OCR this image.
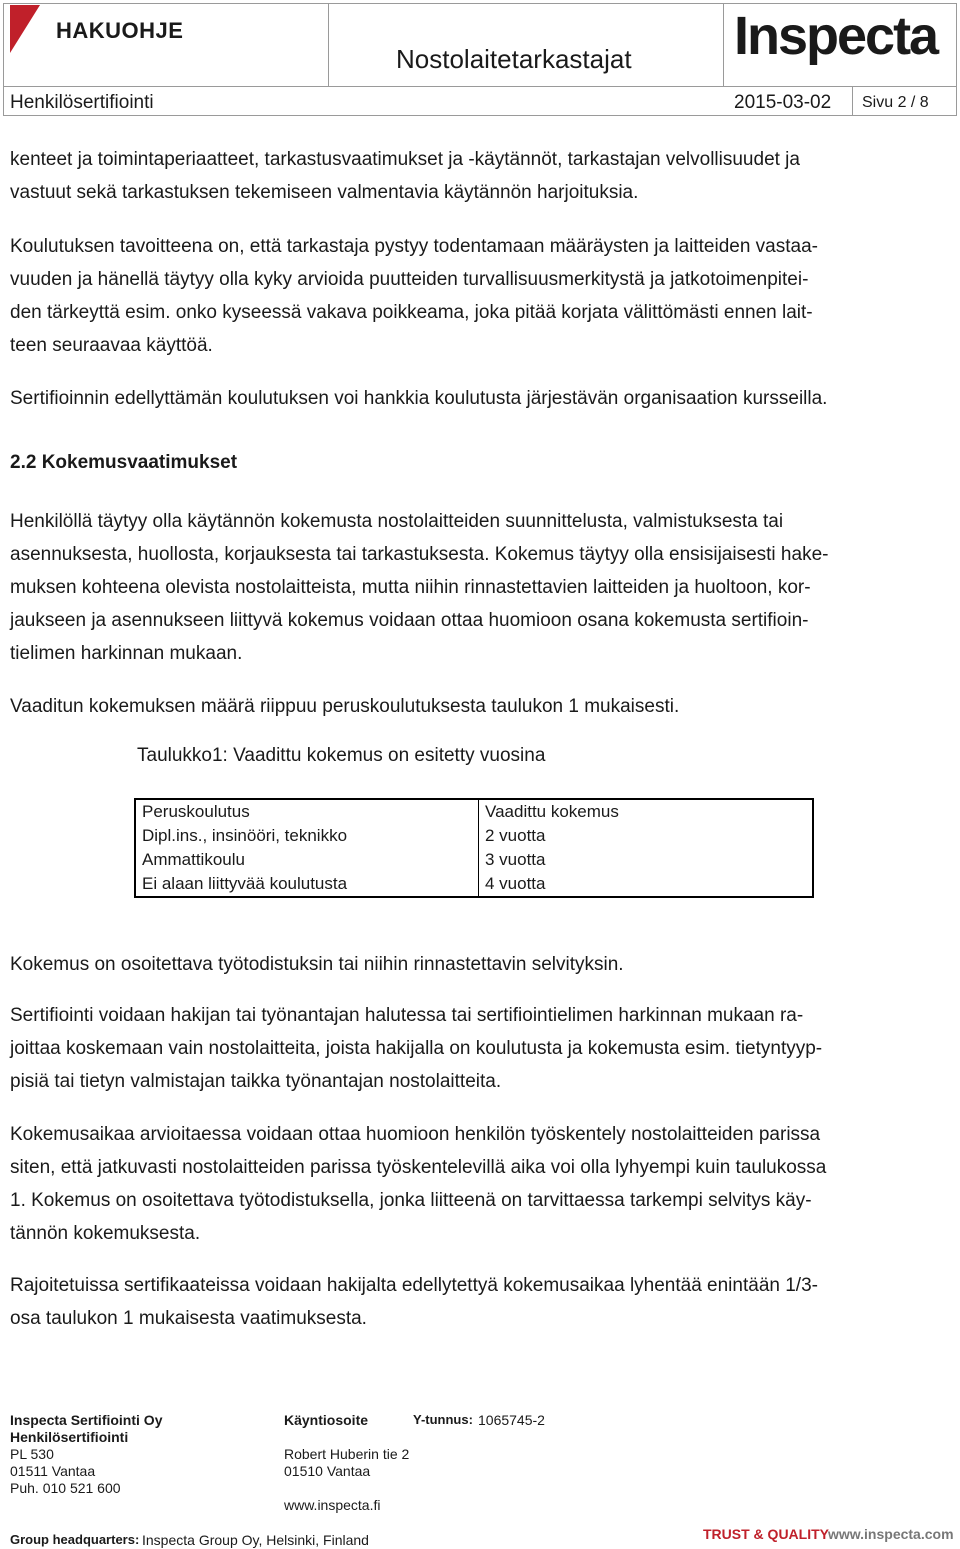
HAKUOHJE
Nostolaitetarkastajat Inspecta
Henkilösertifiointi	2015-03-02 Sivu 2 / 8
kenteet ja toimintaperiaatteet, tarkastusvaatimukset ja -käytännöt, tarkastajan velvollisuudet ja
vastuut sekä tarkastuksen tekemiseen valmentavia käytännön harjoituksia.
Koulutuksen tavoitteena on, että tarkastaja pystyy todentamaan määräysten ja laitteiden vastaa-
vuuden ja hänellä täytyy olla kyky arvioida puutteiden turvallisuusmerkitystä ja jatkotoimenpitei-
den tärkeyttä esim. onko kyseessä vakava poikkeama, joka pitää korjata välittömästi ennen lait-
teen seuraavaa käyttöä.
Sertifioinnin edellyttämän koulutuksen voi hankkia koulutusta järjestävän organisaation kursseilla.
2.2 Kokemusvaatimukset
Henkilöllä täytyy olla käytännön kokemusta nostolaitteiden suunnittelusta, valmistuksesta tai
asennuksesta, huollosta, korjauksesta tai tarkastuksesta. Kokemus täytyy olla ensisijaisesti hake-
muksen kohteena olevista nostolaitteista, mutta niihin rinnastettavien laitteiden ja huoltoon, kor-
jaukseen ja asennukseen liittyvä kokemus voidaan ottaa huomioon osana kokemusta sertifioin-
tielimen harkinnan mukaan.
Vaaditun kokemuksen määrä riippuu peruskoulutuksesta taulukon 1 mukaisesti.
Taulukko1: Vaadittu kokemus on esitetty vuosina
Peruskoulutus	Vaadittu kokemus
Dipl.ins., insinööri, teknikko	2 vuotta
Ammattikoulu	3 vuotta
Ei alaan liittyvää koulutusta	4 vuotta
Kokemus on osoitettava työtodistuksin tai niihin rinnastettavin selvityksin.
Sertifiointi voidaan hakijan tai työnantajan halutessa tai sertifiointielimen harkinnan mukaan ra-
joittaa koskemaan vain nostolaitteita, joista hakijalla on koulutusta ja kokemusta esim. tietyntyyp-
pisiä tai tietyn valmistajan taikka työnantajan nostolaitteita.
Kokemusaikaa arvioitaessa voidaan ottaa huomioon henkilön työskentely nostolaitteiden parissa
siten, että jatkuvasti nostolaitteiden parissa työskentelevillä aika voi olla lyhyempi kuin taulukossa
1. Kokemus on osoitettava työtodistuksella, jonka liitteenä on tarvittaessa tarkempi selvitys käy-
tännön kokemuksesta.
Rajoitetuissa sertifikaateissa voidaan hakijalta edellytettyä kokemusaikaa lyhentää enintään 1/3-
osa taulukon 1 mukaisesta vaatimuksesta.
Inspecta Sertifiointi Oy
Henkilösertifiointi
PL 530
01511 Vantaa
Puh. 010 521 600
Käyntiosoite
Robert Huberin tie 2
01510 Vantaa
www.inspecta.fi
Y-tunnus: 1065745-2
Group headquarters: Inspecta Group Oy, Helsinki, Finland	TRUST & QUALITY www.inspecta.com
